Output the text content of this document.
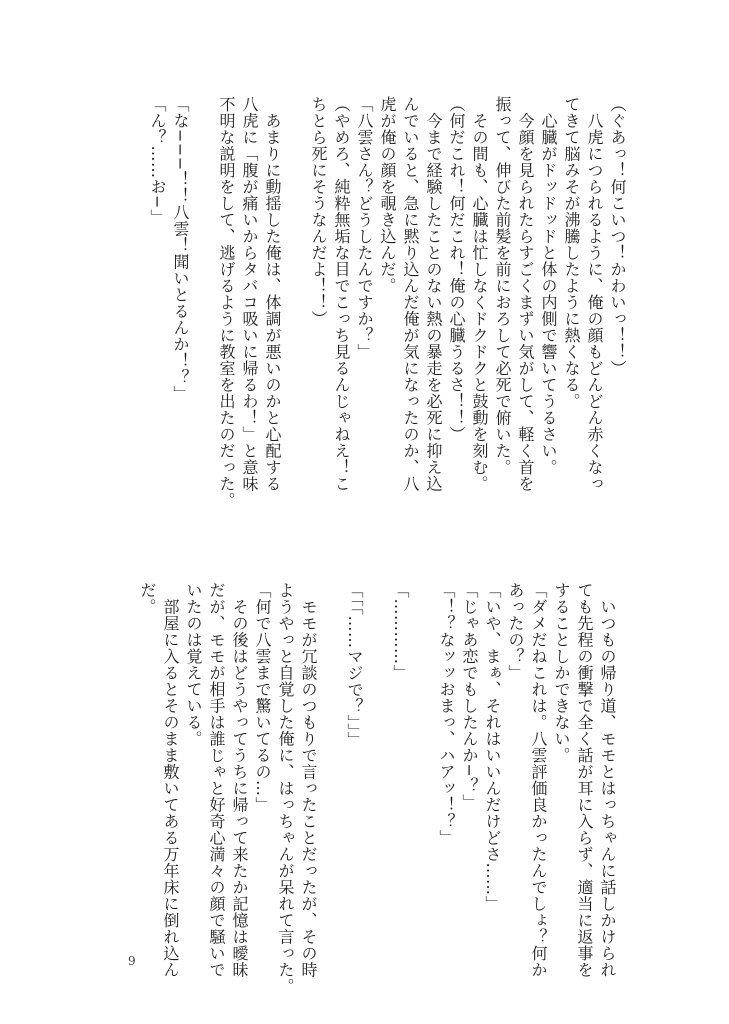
（ぐあっ！何こいつ！かわいっ！！）
　八虎につられるように、俺の顔もどんどん赤くなっ
てきて脳みそが沸騰したように熱くなる。
　心臓がドッドッドと体の内側で響いてうるさい。
　今顔を見られたらすごくまずい気がして、軽く首を
振って、伸びた前髪を前におろして必死で俯いた。
　その間も、心臓は忙しなくドクドクと鼓動を刻む。
（何だこれ！何だこれ！俺の心臓うるさ！！）
　今まで経験したことのない熱の暴走を必死に抑え込
んでいると、急に黙り込んだ俺が気になったのか、八
虎が俺の顔を覗き込んだ。
「八雲さん？どうしたんですか？」
（やめろ、純粋無垢な目でこっち見るんじゃねえ！こ
ちとら死にそうなんだよ！！）

　あまりに動揺した俺は、体調が悪いのかと心配する
八虎に「腹が痛いからタバコ吸いに帰るわ！」と意味
不明な説明をして、逃げるように教室を出たのだった。

「な−−−！！八雲！聞いとるんか！？」
「ん？……お−」
　いつもの帰り道、モモとはっちゃんに話しかけられ
ても先程の衝撃で全く話が耳に入らず、適当に返事を
することしかできない。
「ダメだねこれは。八雲評価良かったんでしょ？何か
あったの？」
「いや、まぁ、それはいいんだけどさ……」
「じゃあ恋でもしたんか−？」
「！？なッッおまっ、ハアッ！？」

「…………」

「「「……マジで？」」」

　モモが冗談のつもりで言ったことだったが、その時
ようやっと自覚した俺に、はっちゃんが呆れて言った。
「何で八雲まで驚いてるの…」
　その後はどうやってうちに帰って来たか記憶は曖昧
だが、モモが相手は誰じゃと好奇心満々の顔で騒いで
いたのは覚えている。
　部屋に入るとそのまま敷いてある万年床に倒れ込ん
だ。
9
